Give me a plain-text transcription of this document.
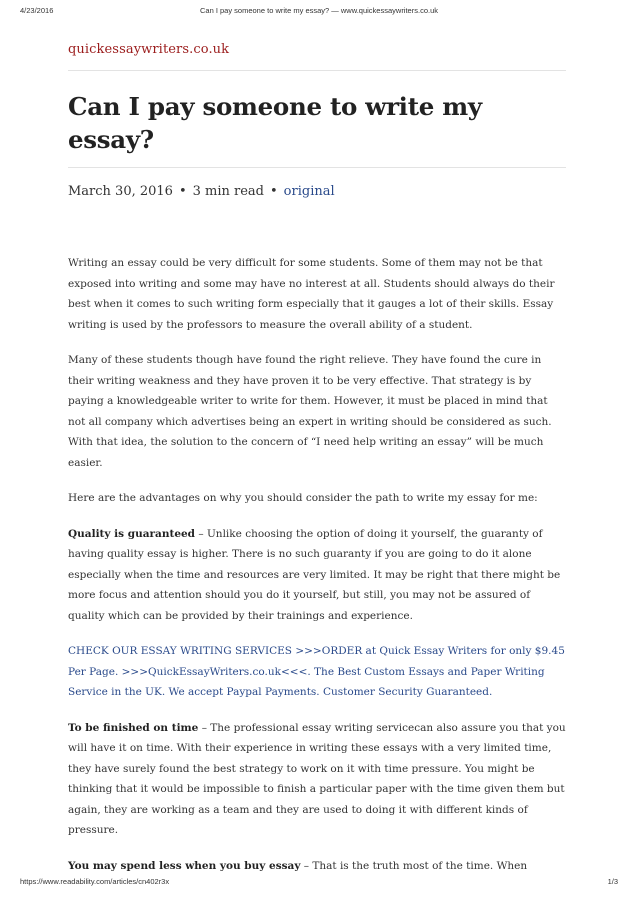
4/23/2016	Can I pay someone to write my essay? — www.quickessaywriters.co.uk
quickessaywriters.co.uk
Can I pay someone to write my essay?
March 30, 2016 • 3 min read • original

Writing an essay could be very difficult for some students. Some of them may not be that exposed into writing and some may have no interest at all. Students should always do their best when it comes to such writing form especially that it gauges a lot of their skills. Essay writing is used by the professors to measure the overall ability of a student.

Many of these students though have found the right relieve. They have found the cure in their writing weakness and they have proven it to be very effective. That strategy is by paying a knowledgeable writer to write for them. However, it must be placed in mind that not all company which advertises being an expert in writing should be considered as such. With that idea, the solution to the concern of “I need help writing an essay” will be much easier.

Here are the advantages on why you should consider the path to write my essay for me:

Quality is guaranteed – Unlike choosing the option of doing it yourself, the guaranty of having quality essay is higher. There is no such guaranty if you are going to do it alone especially when the time and resources are very limited. It may be right that there might be more focus and attention should you do it yourself, but still, you may not be assured of quality which can be provided by their trainings and experience.

CHECK OUR ESSAY WRITING SERVICES >>>ORDER at Quick Essay Writers for only $9.45 Per Page. >>>QuickEssayWriters.co.uk<<<. The Best Custom Essays and Paper Writing Service in the UK. We accept Paypal Payments. Customer Security Guaranteed.

To be finished on time – The professional essay writing servicecan also assure you that you will have it on time. With their experience in writing these essays with a very limited time, they have surely found the best strategy to work on it with time pressure. You might be thinking that it would be impossible to finish a particular paper with the time given them but again, they are working as a team and they are used to doing it with different kinds of pressure.

You may spend less when you buy essay – That is the truth most of the time. When

https://www.readability.com/articles/cn402r3x	1/3
